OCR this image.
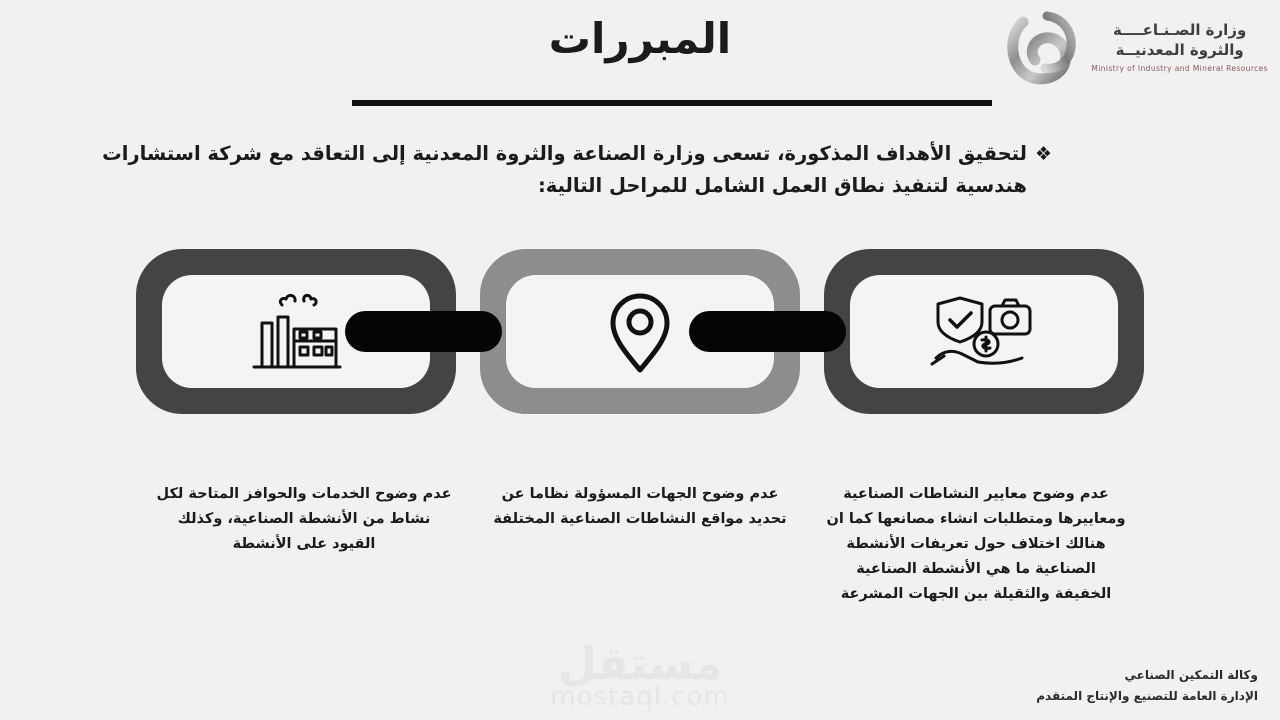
وزارة الصـنـاعــــة
والثروة المعدنيــة
Ministry of Industry and Mineral Resources
المبررات
❖
لتحقيق الأهداف المذكورة، تسعى وزارة الصناعة والثروة المعدنية إلى التعاقد مع شركة استشارات هندسية لتنفيذ نطاق العمل الشامل للمراحل التالية:
عدم وضوح معايير النشاطات الصناعية ومعاييرها ومتطلبات انشاء مصانعها كما ان هنالك اختلاف حول تعريفات الأنشطة الصناعية ما هي الأنشطة الصناعية الخفيفة والثقيلة بين الجهات المشرعة
عدم وضوح الجهات المسؤولة نظاما عن تحديد مواقع النشاطات الصناعية المختلفة
عدم وضوح الخدمات والحوافز المتاحة لكل نشاط من الأنشطة الصناعية، وكذلك القيود على الأنشطة
وكالة التمكين الصناعي
الإدارة العامة للتصنيع والإنتاج المتقدم
مستقل
mostaql.com
